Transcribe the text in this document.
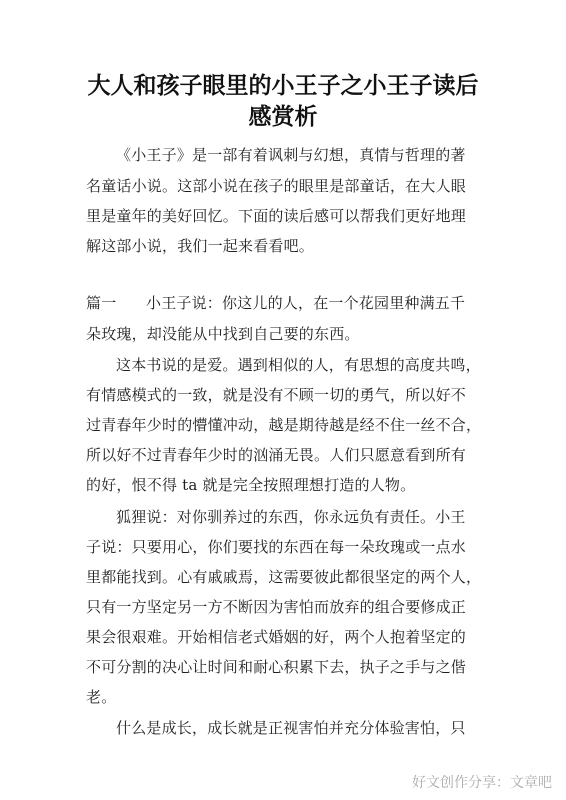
大人和孩子眼里的小王子之小王子读后
感赏析
《小王子》是一部有着讽刺与幻想，真情与哲理的著
名童话小说。这部小说在孩子的眼里是部童话，在大人眼
里是童年的美好回忆。下面的读后感可以帮我们更好地理
解这部小说，我们一起来看看吧。
篇一 小王子说：你这儿的人，在一个花园里种满五千
朵玫瑰，却没能从中找到自己要的东西。
这本书说的是爱。遇到相似的人，有思想的高度共鸣，
有情感模式的一致，就是没有不顾一切的勇气，所以好不
过青春年少时的懵懂冲动，越是期待越是经不住一丝不合，
所以好不过青春年少时的汹涌无畏。人们只愿意看到所有
的好，恨不得 ta 就是完全按照理想打造的人物。
狐狸说：对你驯养过的东西，你永远负有责任。小王
子说：只要用心，你们要找的东西在每一朵玫瑰或一点水
里都能找到。心有戚戚焉，这需要彼此都很坚定的两个人，
只有一方坚定另一方不断因为害怕而放弃的组合要修成正
果会很艰难。开始相信老式婚姻的好，两个人抱着坚定的
不可分割的决心让时间和耐心积累下去，执子之手与之偕
老。
什么是成长，成长就是正视害怕并充分体验害怕，只
好文创作分享：文章吧
